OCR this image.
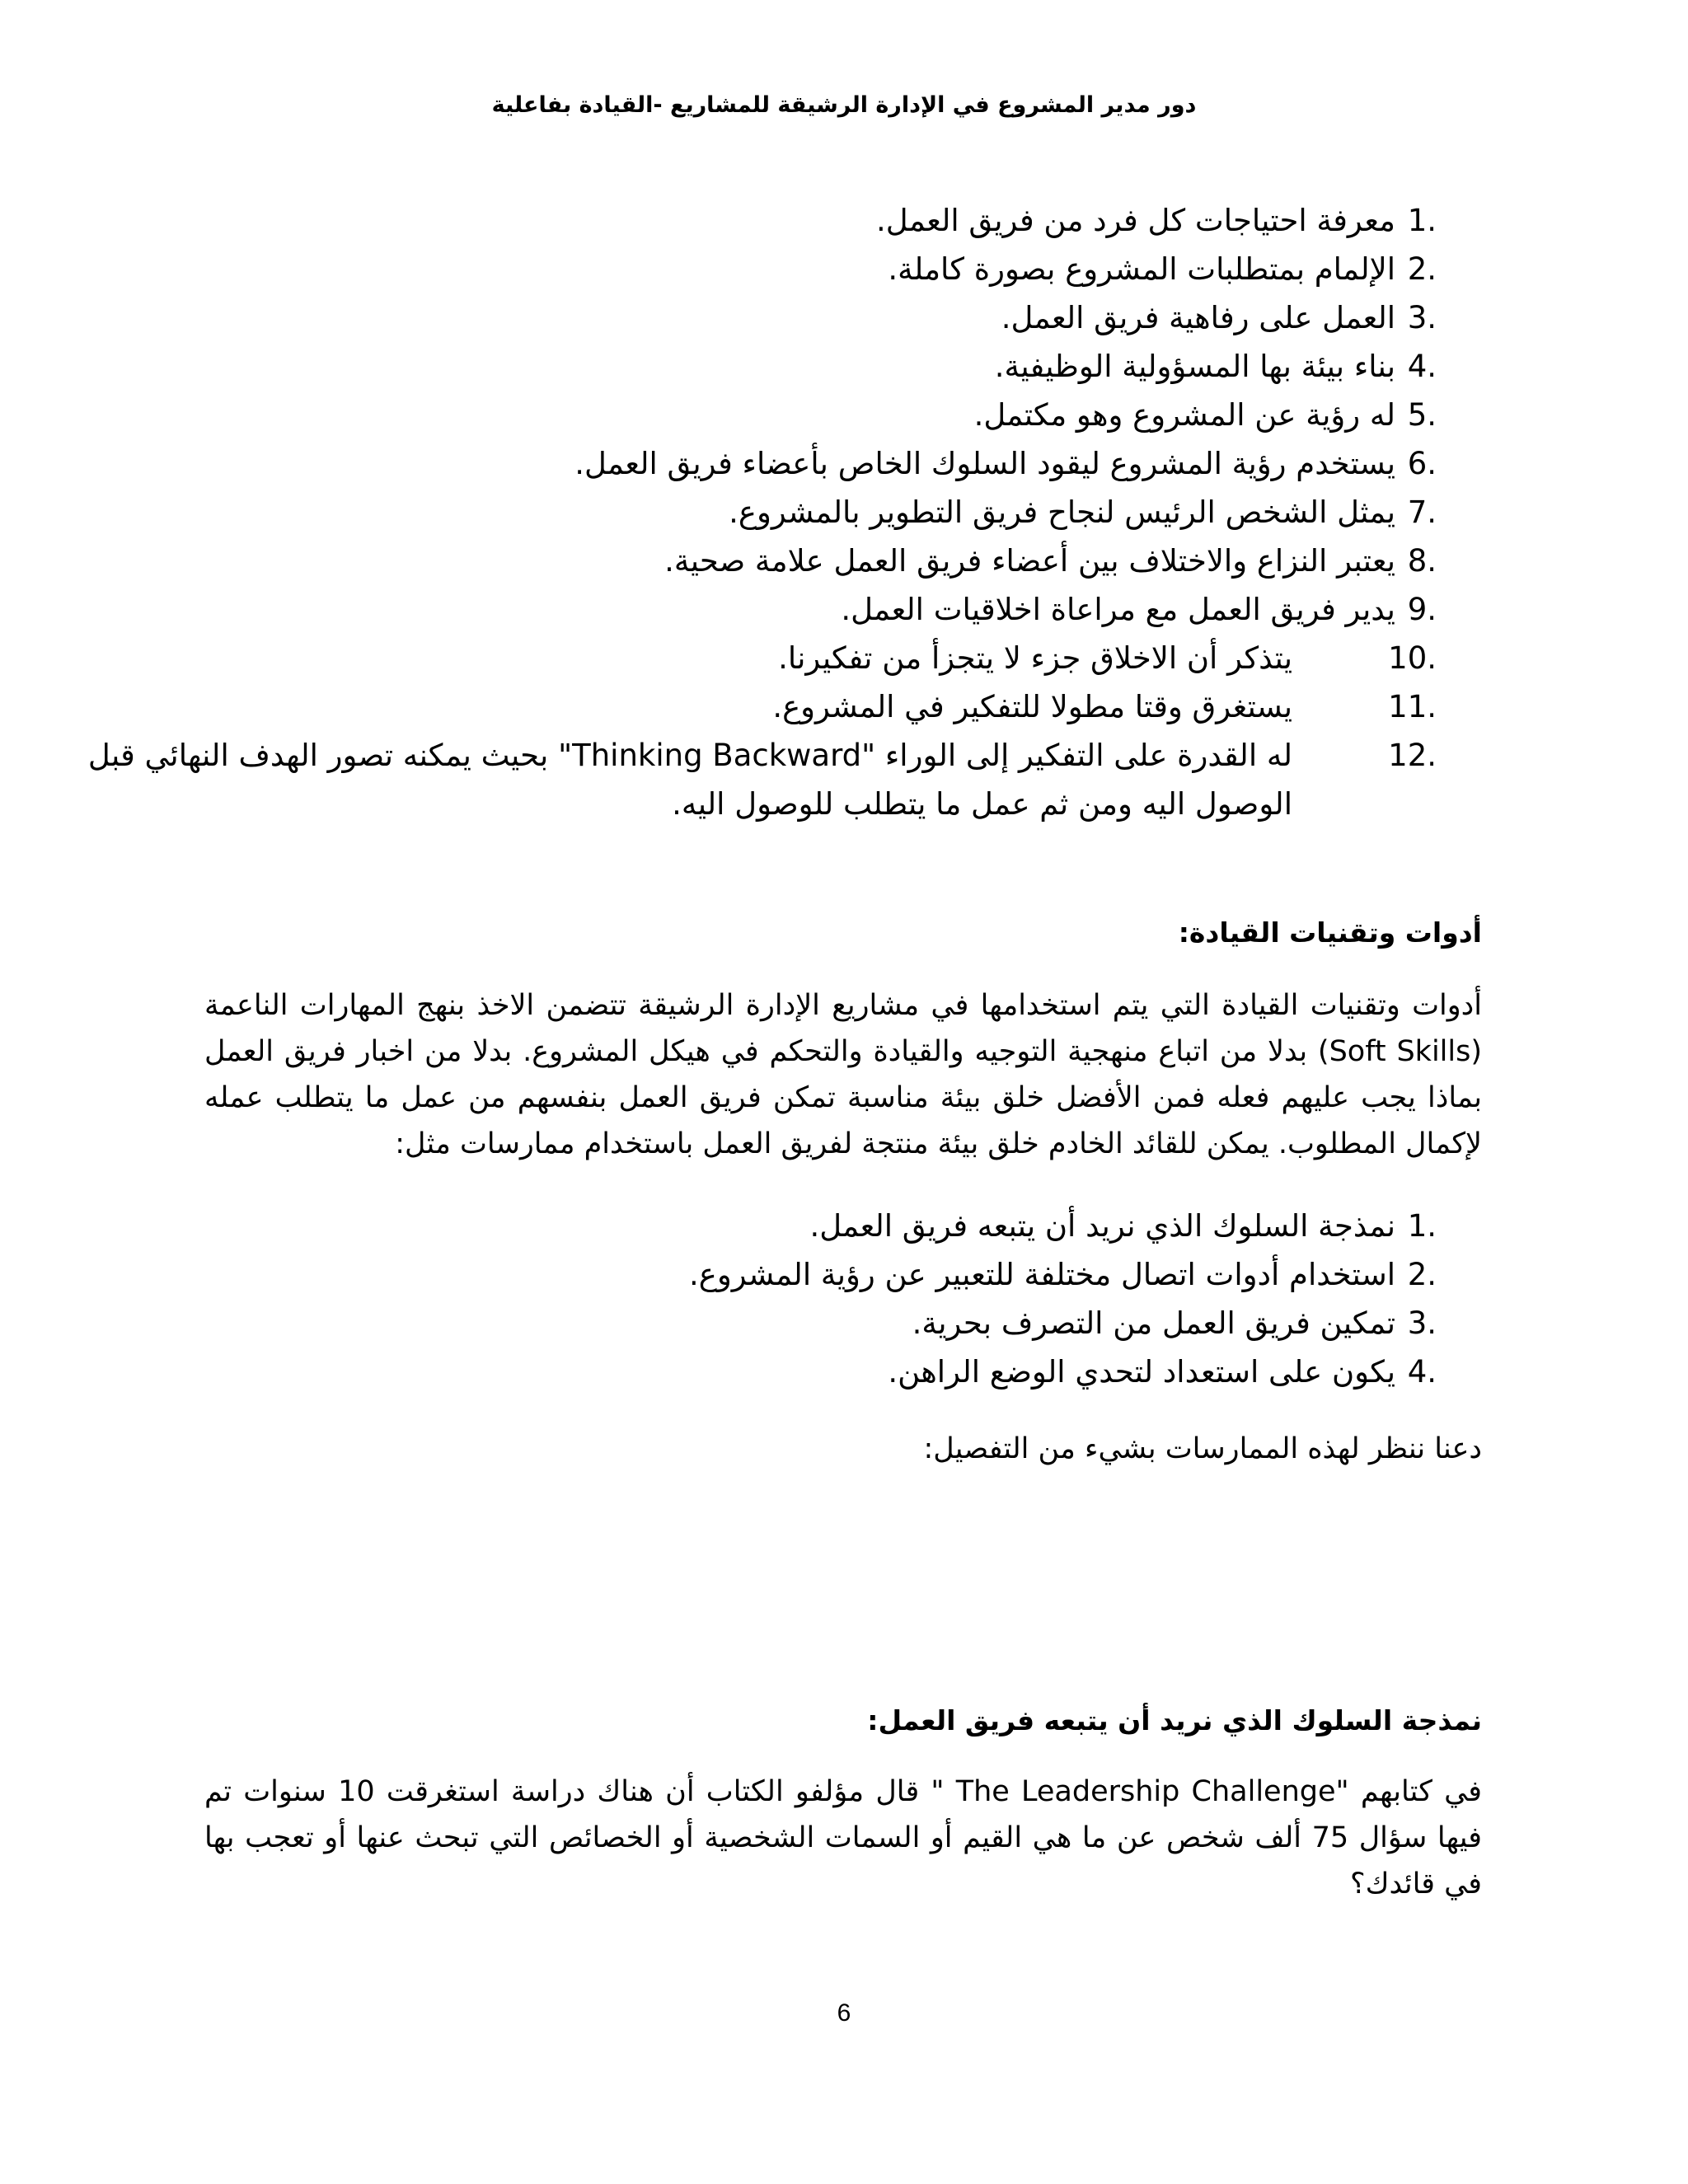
دور مدير المشروع في الإدارة الرشيقة للمشاريع -القيادة بفاعلية
1.
معرفة احتياجات كل فرد من فريق العمل.
2.
الإلمام بمتطلبات المشروع بصورة كاملة.
3.
العمل على رفاهية فريق العمل.
4.
بناء بيئة بها المسؤولية الوظيفية.
5.
له رؤية عن المشروع وهو مكتمل.
6.
يستخدم رؤية المشروع ليقود السلوك الخاص بأعضاء فريق العمل.
7.
يمثل الشخص الرئيس لنجاح فريق التطوير بالمشروع.
8.
يعتبر النزاع والاختلاف بين أعضاء فريق العمل علامة صحية.
9.
يدير فريق العمل مع مراعاة اخلاقيات العمل.
10.
يتذكر أن الاخلاق جزء لا يتجزأ من تفكيرنا.
11.
يستغرق وقتا مطولا للتفكير في المشروع.
12.
له القدرة على التفكير إلى الوراء "Thinking Backward" بحيث يمكنه تصور الهدف النهائي قبل الوصول اليه ومن ثم عمل ما يتطلب للوصول اليه.
أدوات وتقنيات القيادة:

أدوات وتقنيات القيادة التي يتم استخدامها في مشاريع الإدارة الرشيقة تتضمن الاخذ بنهج المهارات الناعمة (Soft Skills) بدلا من اتباع منهجية التوجيه والقيادة والتحكم في هيكل المشروع. بدلا من اخبار فريق العمل بماذا يجب عليهم فعله فمن الأفضل خلق بيئة مناسبة تمكن فريق العمل بنفسهم من عمل ما يتطلب عمله لإكمال المطلوب. يمكن للقائد الخادم خلق بيئة منتجة لفريق العمل باستخدام ممارسات مثل:

1.
نمذجة السلوك الذي نريد أن يتبعه فريق العمل.
2.
استخدام أدوات اتصال مختلفة للتعبير عن رؤية المشروع.
3.
تمكين فريق العمل من التصرف بحرية.
4.
يكون على استعداد لتحدي الوضع الراهن.

دعنا ننظر لهذه الممارسات بشيء من التفصيل:

نمذجة السلوك الذي نريد أن يتبعه فريق العمل:

في كتابهم "The Leadership Challenge " قال مؤلفو الكتاب أن هناك دراسة استغرقت 10 سنوات تم فيها سؤال 75 ألف شخص عن ما هي القيم أو السمات الشخصية أو الخصائص التي تبحث عنها أو تعجب بها في قائدك؟

6
